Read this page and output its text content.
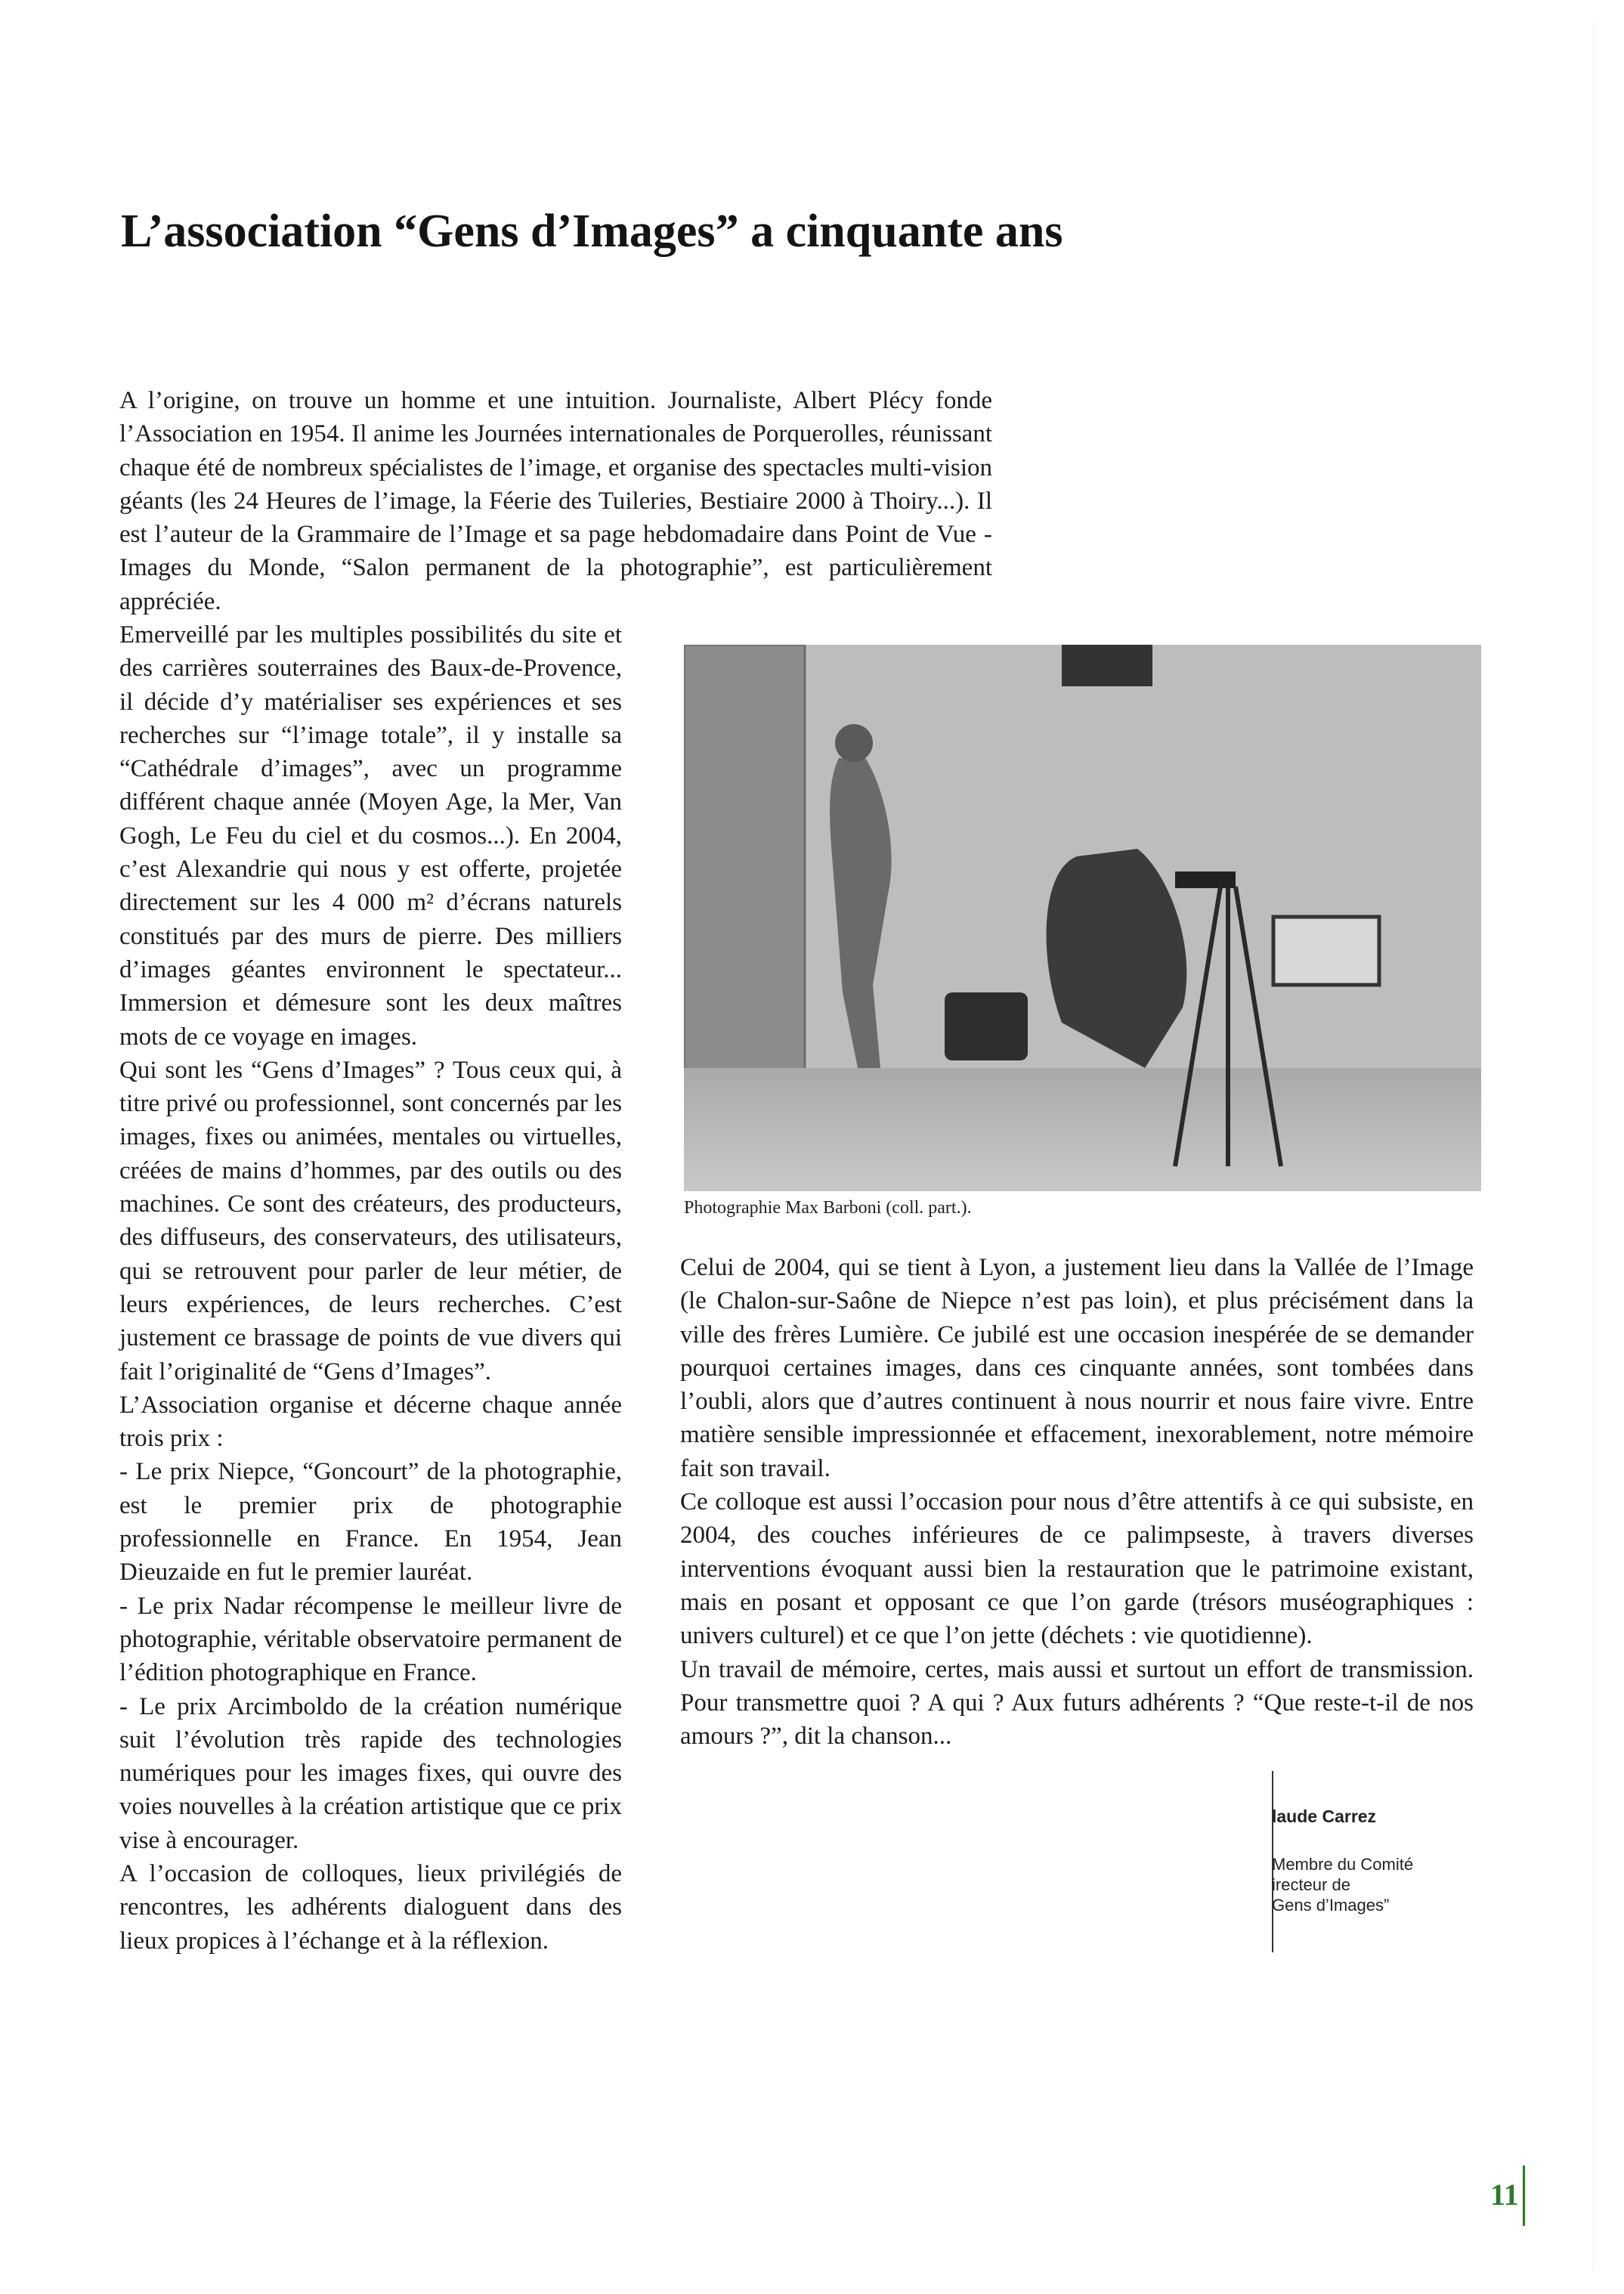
L’association “Gens d’Images” a cinquante ans

A l’origine, on trouve un homme et une intuition. Journaliste, Albert Plécy fonde l’Association en 1954. Il anime les Journées internationales de Porquerolles, réunissant chaque été de nombreux spécialistes de l’image, et organise des spectacles multi-vision géants (les 24 Heures de l’image, la Féerie des Tuileries, Bestiaire 2000 à Thoiry...). Il est l’auteur de la Grammaire de l’Image et sa page hebdomadaire dans Point de Vue - Images du Monde, “Salon permanent de la photographie”, est particulièrement appréciée.

Emerveillé par les multiples possibilités du site et des carrières souterraines des Baux-de-Provence, il décide d’y matérialiser ses expériences et ses recherches sur “l’image totale”, il y installe sa “Cathédrale d’images”, avec un programme différent chaque année (Moyen Age, la Mer, Van Gogh, Le Feu du ciel et du cosmos...). En 2004, c’est Alexandrie qui nous y est offerte, projetée directement sur les 4 000 m² d’écrans naturels constitués par des murs de pierre. Des milliers d’images géantes environnent le spectateur... Immersion et démesure sont les deux maîtres mots de ce voyage en images.

Qui sont les “Gens d’Images” ? Tous ceux qui, à titre privé ou professionnel, sont concernés par les images, fixes ou animées, mentales ou virtuelles, créées de mains d’hommes, par des outils ou des machines. Ce sont des créateurs, des producteurs, des diffuseurs, des conservateurs, des utilisateurs, qui se retrouvent pour parler de leur métier, de leurs expériences, de leurs recherches. C’est justement ce brassage de points de vue divers qui fait l’originalité de “Gens d’Images”.

L’Association organise et décerne chaque année trois prix :

- Le prix Niepce, “Goncourt” de la photographie, est le premier prix de photographie professionnelle en France. En 1954, Jean Dieuzaide en fut le premier lauréat.

- Le prix Nadar récompense le meilleur livre de photographie, véritable observatoire permanent de l’édition photographique en France.

- Le prix Arcimboldo de la création numérique suit l’évolution très rapide des technologies numériques pour les images fixes, qui ouvre des voies nouvelles à la création artistique que ce prix vise à encourager.

A l’occasion de colloques, lieux privilégiés de rencontres, les adhérents dialoguent dans des lieux propices à l’échange et à la réflexion.

Photographie Max Barboni (coll. part.).

Celui de 2004, qui se tient à Lyon, a justement lieu dans la Vallée de l’Image (le Chalon-sur-Saône de Niepce n’est pas loin), et plus précisément dans la ville des frères Lumière. Ce jubilé est une occasion inespérée de se demander pourquoi certaines images, dans ces cinquante années, sont tombées dans l’oubli, alors que d’autres continuent à nous nourrir et nous faire vivre. Entre matière sensible impressionnée et effacement, inexorablement, notre mémoire fait son travail.

Ce colloque est aussi l’occasion pour nous d’être attentifs à ce qui subsiste, en 2004, des couches inférieures de ce palimpseste, à travers diverses interventions évoquant aussi bien la restauration que le patrimoine existant, mais en posant et opposant ce que l’on garde (trésors muséographiques : univers culturel) et ce que l’on jette (déchets : vie quotidienne).

Un travail de mémoire, certes, mais aussi et surtout un effort de transmission. Pour transmettre quoi ? A qui ? Aux futurs adhérents ? “Que reste-t-il de nos amours ?”, dit la chanson...

laude Carrez
Membre du Comité
irecteur de
Gens d’Images”
11
